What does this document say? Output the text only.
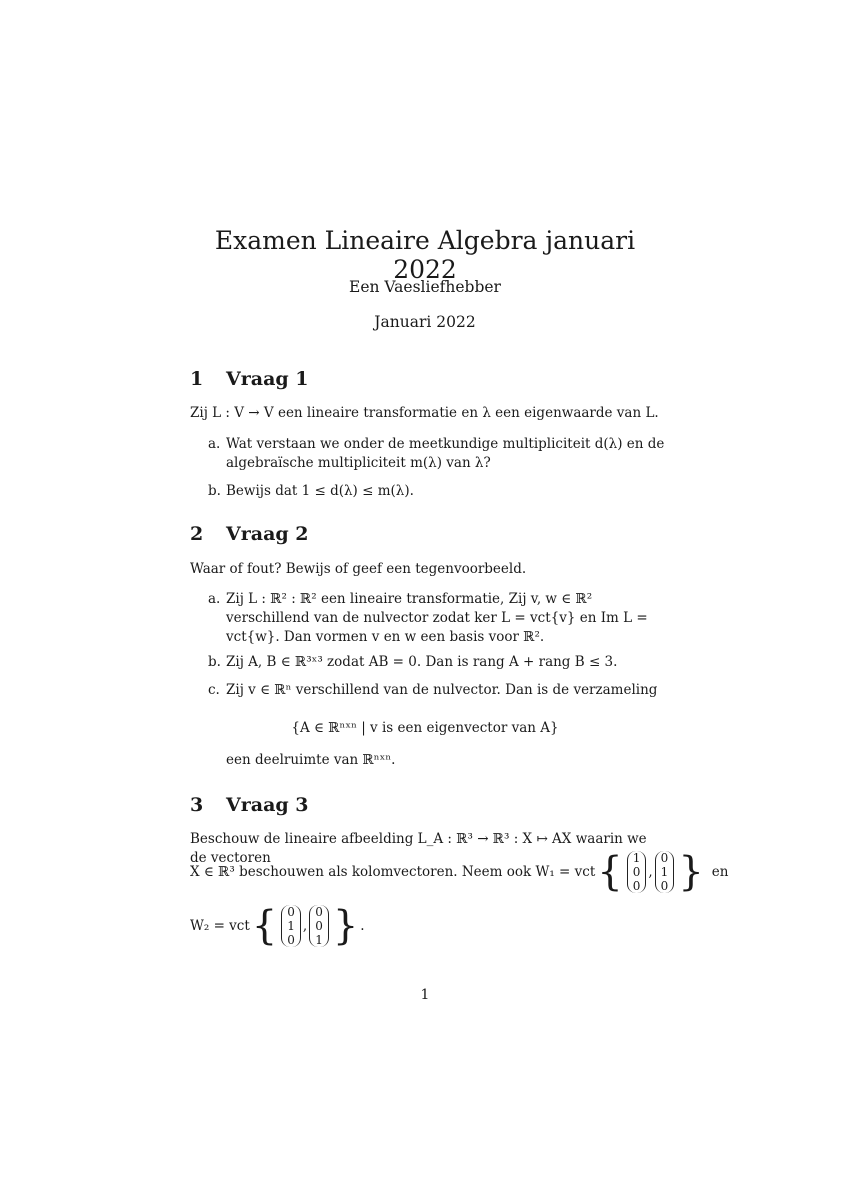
Examen Lineaire Algebra januari 2022
Een Vaesliefhebber
Januari 2022
1 Vraag 1
Zij L : V → V een lineaire transformatie en λ een eigenwaarde van L.
a. Wat verstaan we onder de meetkundige multipliciteit d(λ) en de algebraïsche multipliciteit m(λ) van λ?
b. Bewijs dat 1 ≤ d(λ) ≤ m(λ).
2 Vraag 2
Waar of fout? Bewijs of geef een tegenvoorbeeld.
a. Zij L : ℝ² : ℝ² een lineaire transformatie, Zij v, w ∈ ℝ² verschillend van de nulvector zodat ker L = vct{v} en Im L = vct{w}. Dan vormen v en w een basis voor ℝ².
b. Zij A, B ∈ ℝ³ˣ³ zodat AB = 0. Dan is rang A + rang B ≤ 3.
c. Zij v ∈ ℝⁿ verschillend van de nulvector. Dan is de verzameling
{A ∈ ℝⁿˣⁿ | v is een eigenvector van A}
een deelruimte van ℝⁿˣⁿ.
3 Vraag 3
Beschouw de lineaire afbeelding L_A : ℝ³ → ℝ³ : X ↦ AX waarin we de vectoren
X ∈ ℝ³ beschouwen als kolomvectoren. Neem ook W₁ = vct { 1
0
0
,
0
1
0 } en
W₂ = vct { 0
1
0
,
0
0
1 } .
1
